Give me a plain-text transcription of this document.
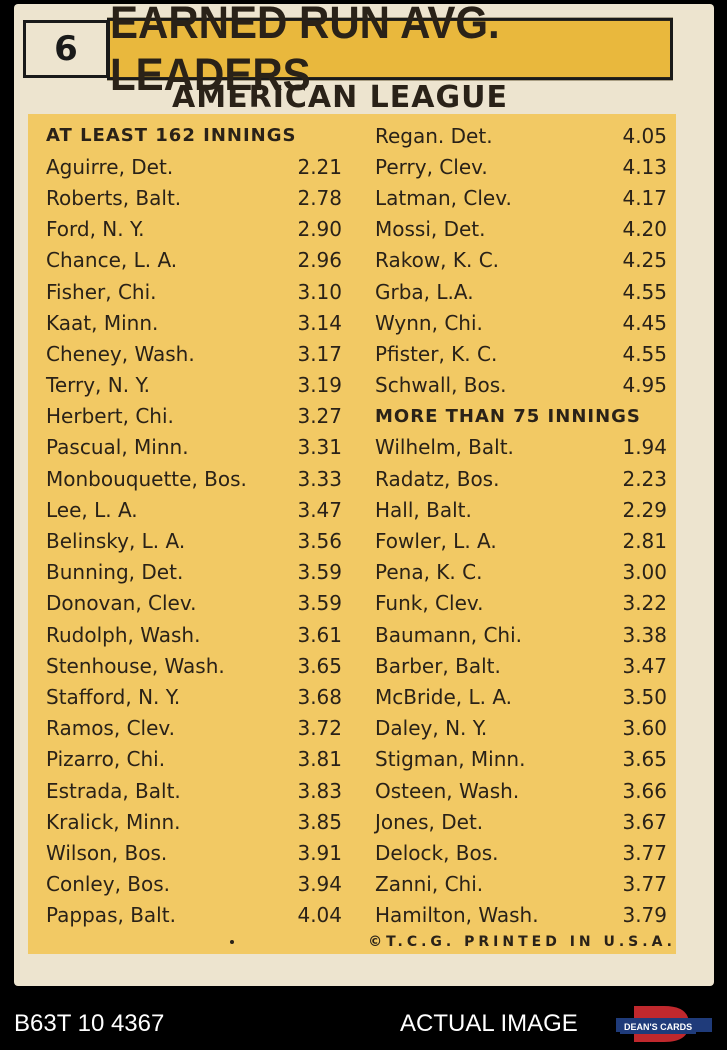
6
EARNED RUN AVG. LEADERS
AMERICAN LEAGUE
AT LEAST 162 INNINGS
Aguirre, Det.	2.21
Roberts, Balt.	2.78
Ford, N. Y.	2.90
Chance, L. A.	2.96
Fisher, Chi.	3.10
Kaat, Minn.	3.14
Cheney, Wash.	3.17
Terry, N. Y.	3.19
Herbert, Chi.	3.27
Pascual, Minn.	3.31
Monbouquette, Bos.	3.33
Lee, L. A.	3.47
Belinsky, L. A.	3.56
Bunning, Det.	3.59
Donovan, Clev.	3.59
Rudolph, Wash.	3.61
Stenhouse, Wash.	3.65
Stafford, N. Y.	3.68
Ramos, Clev.	3.72
Pizarro, Chi.	3.81
Estrada, Balt.	3.83
Kralick, Minn.	3.85
Wilson, Bos.	3.91
Conley, Bos.	3.94
Pappas, Balt.	4.04
Regan. Det.	4.05
Perry, Clev.	4.13
Latman, Clev.	4.17
Mossi, Det.	4.20
Rakow, K. C.	4.25
Grba, L.A.	4.55
Wynn, Chi.	4.45
Pfister, K. C.	4.55
Schwall, Bos.	4.95
MORE THAN 75 INNINGS
Wilhelm, Balt.	1.94
Radatz, Bos.	2.23
Hall, Balt.	2.29
Fowler, L. A.	2.81
Pena, K. C.	3.00
Funk, Clev.	3.22
Baumann, Chi.	3.38
Barber, Balt.	3.47
McBride, L. A.	3.50
Daley, N. Y.	3.60
Stigman, Minn.	3.65
Osteen, Wash.	3.66
Jones, Det.	3.67
Delock, Bos.	3.77
Zanni, Chi.	3.77
Hamilton, Wash.	3.79
©T.C.G. PRINTED IN U.S.A.
B63T 10 4367	ACTUAL IMAGE	DEAN'S CARDS
